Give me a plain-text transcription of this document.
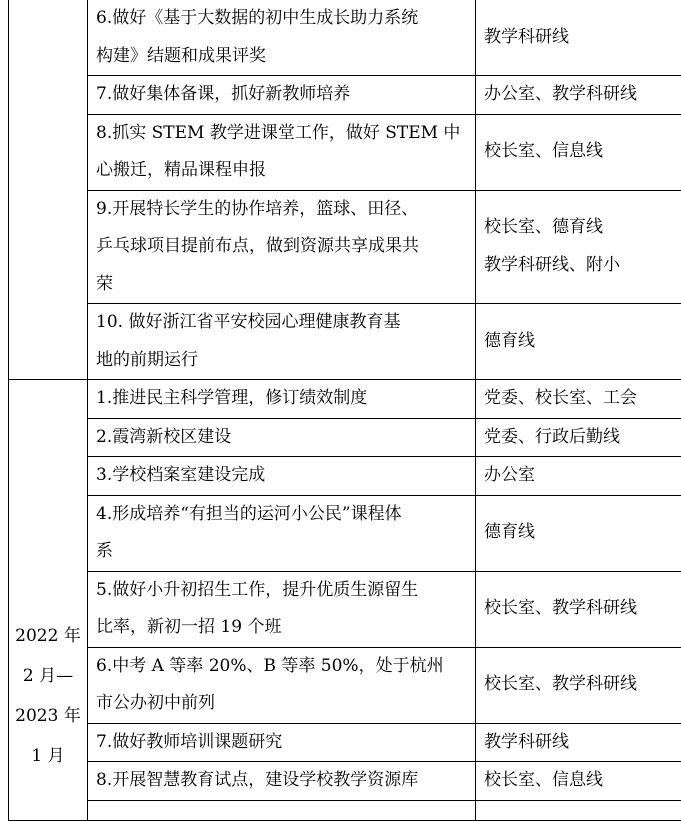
	6.做好《基于大数据的初中生成长助力系统
构建》结题和成果评奖	教学科研线

	7.做好集体备课，抓好新教师培养	办公室、教学科研线

	8.抓实 STEM 教学进课堂工作，做好 STEM 中
心搬迁，精品课程申报	校长室、信息线

	9.开展特长学生的协作培养，篮球、田径、
乒乓球项目提前布点，做到资源共享成果共
荣	校长室、德育线
教学科研线、附小

	10. 做好浙江省平安校园心理健康教育基
地的前期运行	德育线

2022 年
2 月—
2023 年
1 月	1.推进民主科学管理，修订绩效制度	党委、校长室、工会

	2.霞湾新校区建设	党委、行政后勤线

	3.学校档案室建设完成	办公室

	4.形成培养“有担当的运河小公民”课程体
系	德育线

	5.做好小升初招生工作，提升优质生源留生
比率，新初一招 19 个班	校长室、教学科研线

	6.中考 A 等率 20%、B 等率 50%，处于杭州
市公办初中前列	校长室、教学科研线

	7.做好教师培训课题研究	教学科研线

	8.开展智慧教育试点，建设学校教学资源库	校长室、信息线
